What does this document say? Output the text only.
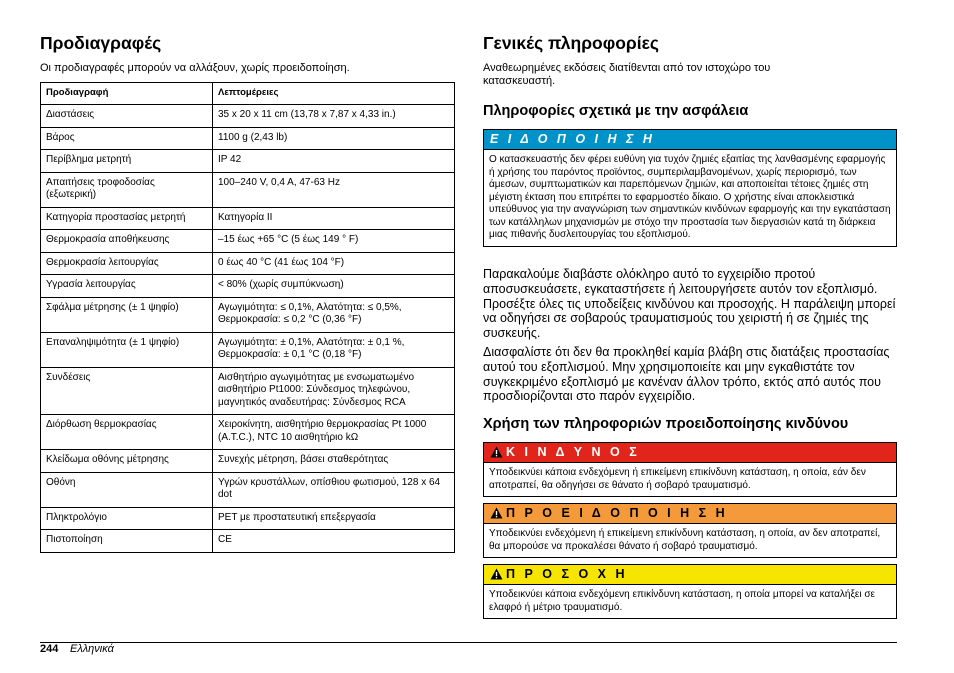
Προδιαγραφές

Οι προδιαγραφές μπορούν να αλλάξουν, χωρίς προειδοποίηση.

Προδιαγραφή	Λεπτομέρειες
Διαστάσεις	35 x 20 x 11 cm (13,78 x 7,87 x 4,33 in.)
Βάρος	1100 g (2,43 lb)
Περίβλημα μετρητή	IP 42
Απαιτήσεις τροφοδοσίας (εξωτερική)	100–240 V, 0,4 A, 47-63 Hz
Κατηγορία προστασίας μετρητή	Κατηγορία II
Θερμοκρασία αποθήκευσης	–15 έως +65 °C (5 έως 149 ° F)
Θερμοκρασία λειτουργίας	0 έως 40 °C (41 έως 104 °F)
Υγρασία λειτουργίας	< 80% (χωρίς συμπύκνωση)
Σφάλμα μέτρησης (± 1 ψηφίο)	Αγωγιμότητα: ≤ 0,1%, Αλατότητα: ≤ 0,5%, Θερμοκρασία: ≤ 0,2 °C (0,36 °F)
Επαναληψιμότητα (± 1 ψηφίο)	Αγωγιμότητα: ± 0,1%, Αλατότητα: ± 0,1 %, Θερμοκρασία: ± 0,1 °C (0,18 °F)
Συνδέσεις	Αισθητήριο αγωγιμότητας με ενσωματωμένο αισθητήριο Pt1000: Σύνδεσμος τηλεφώνου, μαγνητικός αναδευτήρας: Σύνδεσμος RCA
Διόρθωση θερμοκρασίας	Χειροκίνητη, αισθητήριο θερμοκρασίας Pt 1000 (A.T.C.), NTC 10 αισθητήριο kΩ
Κλείδωμα οθόνης μέτρησης	Συνεχής μέτρηση, βάσει σταθερότητας
Οθόνη	Υγρών κρυστάλλων, οπίσθιου φωτισμού, 128 x 64 dot
Πληκτρολόγιο	PET με προστατευτική επεξεργασία
Πιστοποίηση	CE
Γενικές πληροφορίες

Αναθεωρημένες εκδόσεις διατίθενται από τον ιστοχώρο του κατασκευαστή.

Πληροφορίες σχετικά με την ασφάλεια
Ε Ι Δ Ο Π Ο Ι Η Σ Η
Ο κατασκευαστής δεν φέρει ευθύνη για τυχόν ζημιές εξαιτίας της λανθασμένης εφαρμογής ή χρήσης του παρόντος προϊόντος, συμπεριλαμβανομένων, χωρίς περιορισμό, των άμεσων, συμπτωματικών και παρεπόμενων ζημιών, και αποποιείται τέτοιες ζημιές στη μέγιστη έκταση που επιτρέπει το εφαρμοστέο δίκαιο. Ο χρήστης είναι αποκλειστικά υπεύθυνος για την αναγνώριση των σημαντικών κινδύνων εφαρμογής και την εγκατάσταση των κατάλληλων μηχανισμών με στόχο την προστασία των διεργασιών κατά τη διάρκεια μιας πιθανής δυσλειτουργίας του εξοπλισμού.

Παρακαλούμε διαβάστε ολόκληρο αυτό το εγχειρίδιο προτού αποσυσκευάσετε, εγκαταστήσετε ή λειτουργήσετε αυτόν τον εξοπλισμό. Προσέξτε όλες τις υποδείξεις κινδύνου και προσοχής. Η παράλειψη μπορεί να οδηγήσει σε σοβαρούς τραυματισμούς του χειριστή ή σε ζημιές της συσκευής.

Διασφαλίστε ότι δεν θα προκληθεί καμία βλάβη στις διατάξεις προστασίας αυτού του εξοπλισμού. Μην χρησιμοποιείτε και μην εγκαθιστάτε τον συγκεκριμένο εξοπλισμό με κανέναν άλλον τρόπο, εκτός από αυτός που προσδιορίζονται στο παρόν εγχειρίδιο.

Χρήση των πληροφοριών προειδοποίησης κινδύνου
Κ Ι Ν Δ Υ Ν Ο Σ
Υποδεικνύει κάποια ενδεχόμενη ή επικείμενη επικίνδυνη κατάσταση, η οποία, εάν δεν αποτραπεί, θα οδηγήσει σε θάνατο ή σοβαρό τραυματισμό.
Π Ρ Ο Ε Ι Δ Ο Π Ο Ι Η Σ Η
Υποδεικνύει ενδεχόμενη ή επικείμενη επικίνδυνη κατάσταση, η οποία, αν δεν αποτραπεί, θα μπορούσε να προκαλέσει θάνατο ή σοβαρό τραυματισμό.
Π Ρ Ο Σ Ο Χ Η
Υποδεικνύει κάποια ενδεχόμενη επικίνδυνη κατάσταση, η οποία μπορεί να καταλήξει σε ελαφρό ή μέτριο τραυματισμό.
244 Ελληνικά
